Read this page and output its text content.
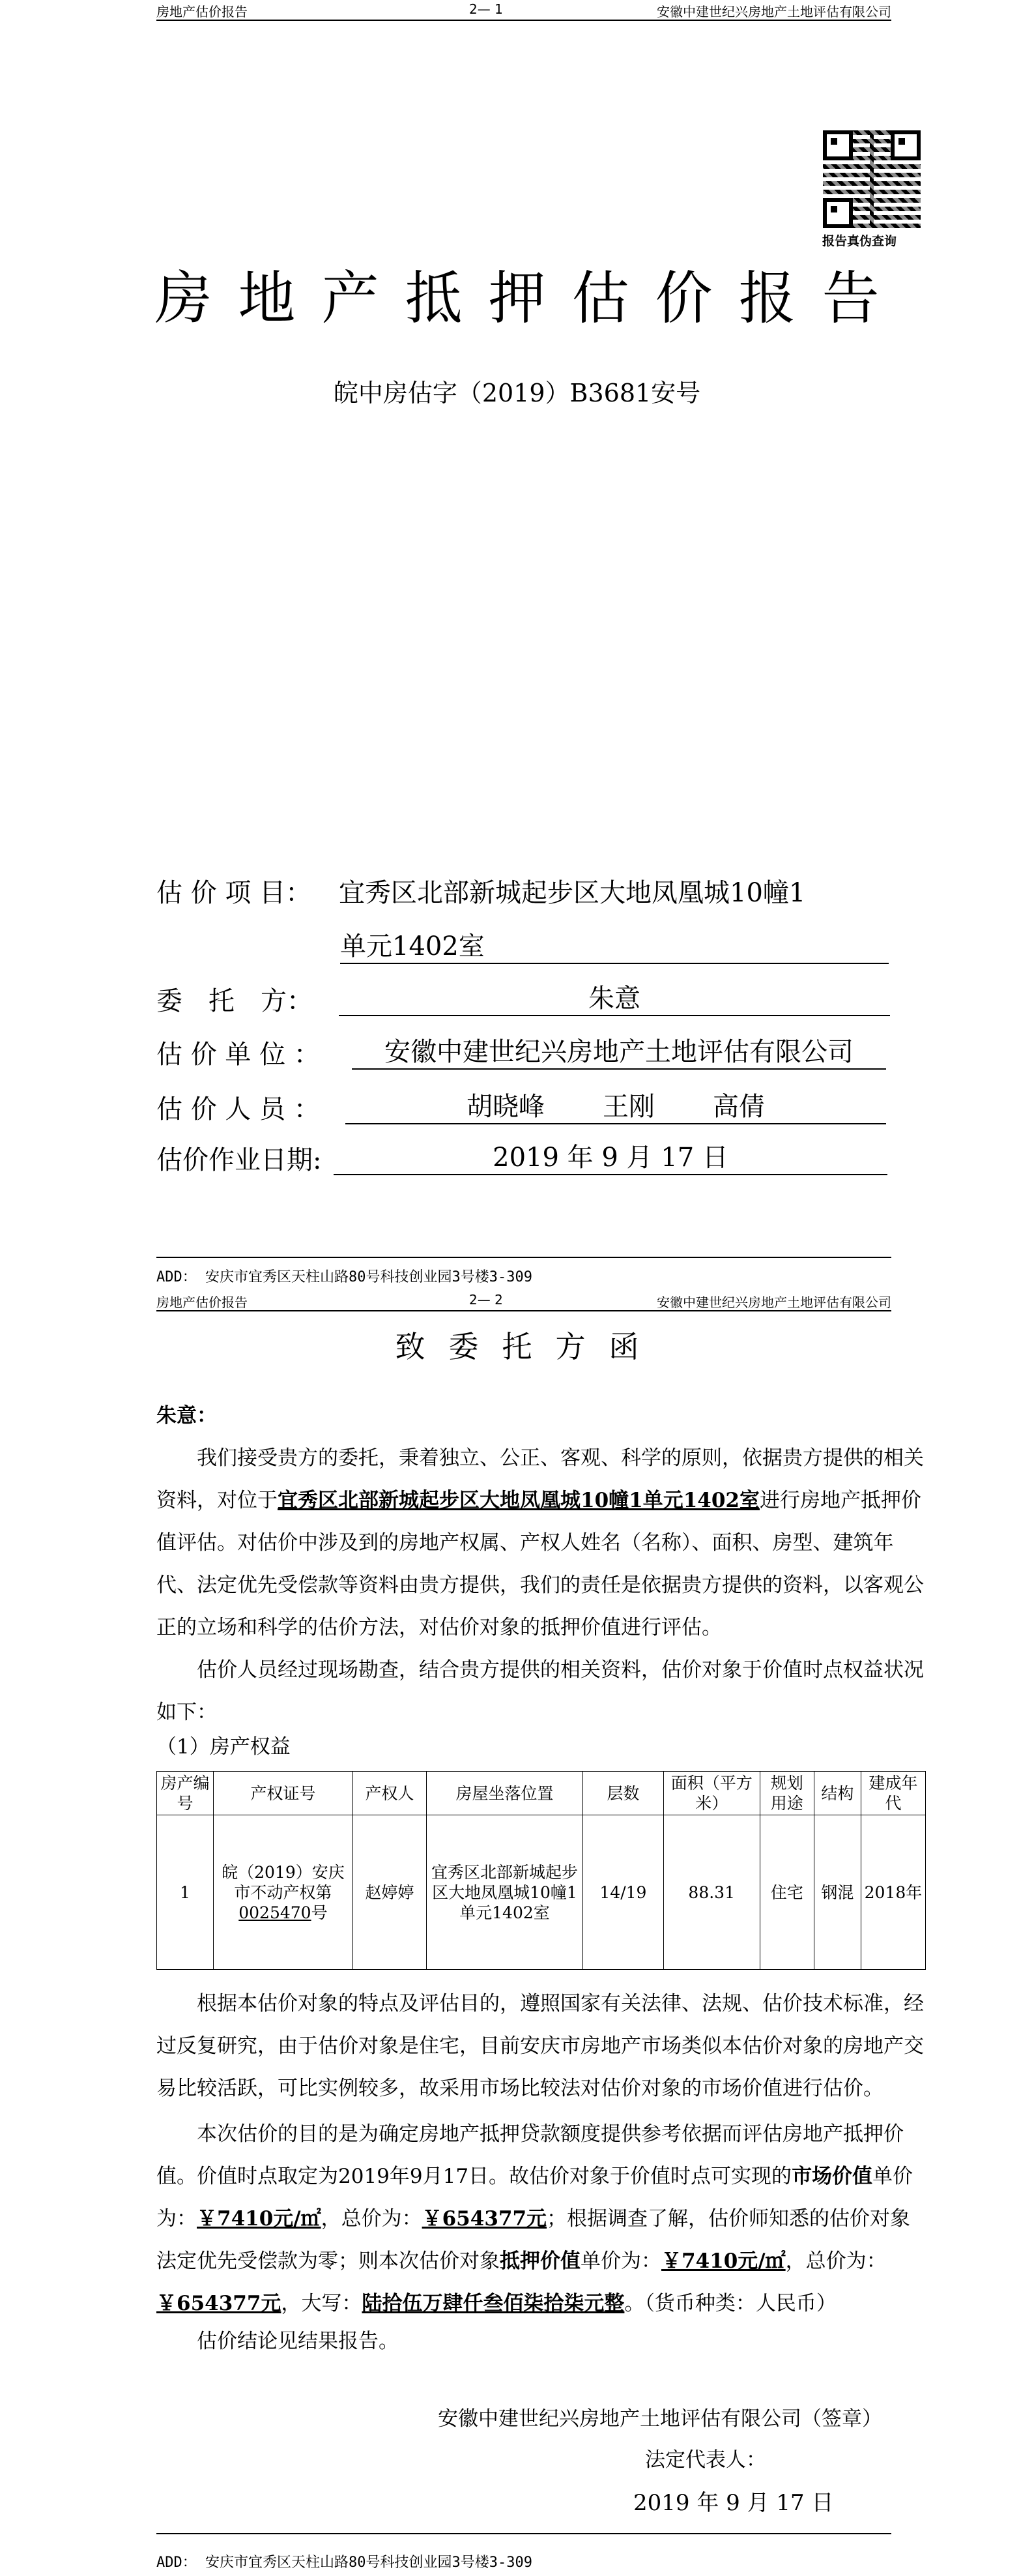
房地产估价报告	2— 1	安徽中建世纪兴房地产土地评估有限公司
报告真伪查询
房地产抵押估价报告
皖中房估字（2019）B3681安号
估 价 项 目：	宜秀区北部新城起步区大地凤凰城10幢1
单元1402室
委　托　方：	朱意
估 价 单 位 ：	安徽中建世纪兴房地产土地评估有限公司
估 价 人 员 ：	胡晓峰 王刚 高倩
估价作业日期:	2019 年 9 月 17 日
ADD： 安庆市宜秀区天柱山路80号科技创业园3号楼3-309
房地产估价报告	2— 2	安徽中建世纪兴房地产土地评估有限公司
致委托方函
朱意：
我们接受贵方的委托，秉着独立、公正、客观、科学的原则，依据贵方提供的相关资料，对位于宜秀区北部新城起步区大地凤凰城10幢1单元1402室进行房地产抵押价值评估。对估价中涉及到的房地产权属、产权人姓名（名称）、面积、房型、建筑年代、法定优先受偿款等资料由贵方提供，我们的责任是依据贵方提供的资料，以客观公正的立场和科学的估价方法，对估价对象的抵押价值进行评估。
估价人员经过现场勘查，结合贵方提供的相关资料，估价对象于价值时点权益状况如下：
（1）房产权益
房产编号	产权证号	产权人	房屋坐落位置	层数	面积（平方米）	规划用途	结构	建成年代
1	皖（2019）安庆市不动产权第0025470号	赵婷婷	宜秀区北部新城起步区大地凤凰城10幢1单元1402室	14/19	88.31	住宅	钢混	2018年
根据本估价对象的特点及评估目的，遵照国家有关法律、法规、估价技术标准，经过反复研究，由于估价对象是住宅，目前安庆市房地产市场类似本估价对象的房地产交易比较活跃，可比实例较多，故采用市场比较法对估价对象的市场价值进行估价。
本次估价的目的是为确定房地产抵押贷款额度提供参考依据而评估房地产抵押价值。价值时点取定为2019年9月17日。故估价对象于价值时点可实现的市场价值单价为：￥7410元/㎡，总价为：￥654377元；根据调查了解，估价师知悉的估价对象法定优先受偿款为零；则本次估价对象抵押价值单价为：￥7410元/㎡，总价为：￥654377元，大写：陆拾伍万肆仟叁佰柒拾柒元整。（货币种类：人民币）
估价结论见结果报告。
安徽中建世纪兴房地产土地评估有限公司（签章）
法定代表人：
2019 年 9 月 17 日
ADD： 安庆市宜秀区天柱山路80号科技创业园3号楼3-309
